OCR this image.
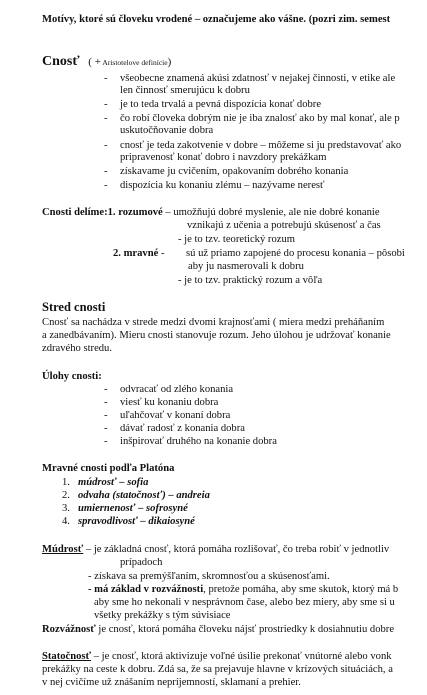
Motívy, ktoré sú človeku vrodené – označujeme ako vášne. (pozri zim. semest
Cnosť ( + Aristotelove definície)
- všeobecne znamená akúsi zdatnosť v nejakej činnosti, v etike ale
len činnosť smerujúcu k dobru
- je to teda trvalá a pevná dispozícia konať dobre
- čo robí človeka dobrým nie je iba znalosť ako by mal konať, ale p
uskutočňovanie dobra
- cnosť je teda zakotvenie v dobre – môžeme si ju predstavovať ako
pripravenosť konať dobro i navzdory prekážkam
- získavame ju cvičením, opakovaním dobrého konania
- dispozícia ku konaniu zlému – nazývame neresť
Cnosti delíme:1. rozumové – umožňujú dobré myslenie, ale nie dobré konanie
vznikajú z učenia a potrebujú skúsenosť a čas
- je to tzv. teoretický rozum
2. mravné - sú už priamo zapojené do procesu konania – pôsobi
aby ju nasmerovali k dobru
- je to tzv. praktický rozum a vôľa
Stred cnosti
Cnosť sa nachádza v strede medzi dvomi krajnosťami ( miera medzi preháňaním
a zanedbávaním). Mieru cnosti stanovuje rozum. Jeho úlohou je udržovať konanie
zdravého stredu.
Úlohy cnosti:
- odvracať od zlého konania
- viesť ku konaniu dobra
- uľahčovať v konaní dobra
- dávať radosť z konania dobra
- inšpirovať druhého na konanie dobra
Mravné cnosti podľa Platóna
1. múdrosť – sofia
2. odvaha (statočnosť) – andreia
3. umiernenosť – sofrosyné
4. spravodlivosť – dikaiosyné
Múdrosť – je základná cnosť, ktorá pomáha rozlišovať, čo treba robiť v jednotliv
prípadoch
- získava sa premýšľaním, skromnosťou a skúsenosťami.
- má základ v rozvážnosti, pretože pomáha, aby sme skutok, ktorý má b
aby sme ho nekonali v nesprávnom čase, alebo bez miery, aby sme si u
všetky prekážky s tým súvisiace
Rozvážnosť je cnosť, ktorá pomáha človeku nájsť prostriedky k dosiahnutiu dobre
Statočnosť – je cnosť, ktorá aktivizuje voľné úsilie prekonať vnútorné alebo vonk
prekážky na ceste k dobru. Zdá sa, že sa prejavuje hlavne v krízových situáciách, a
v nej cvičíme už znášaním nepríjemností, sklamaní a prehier.
